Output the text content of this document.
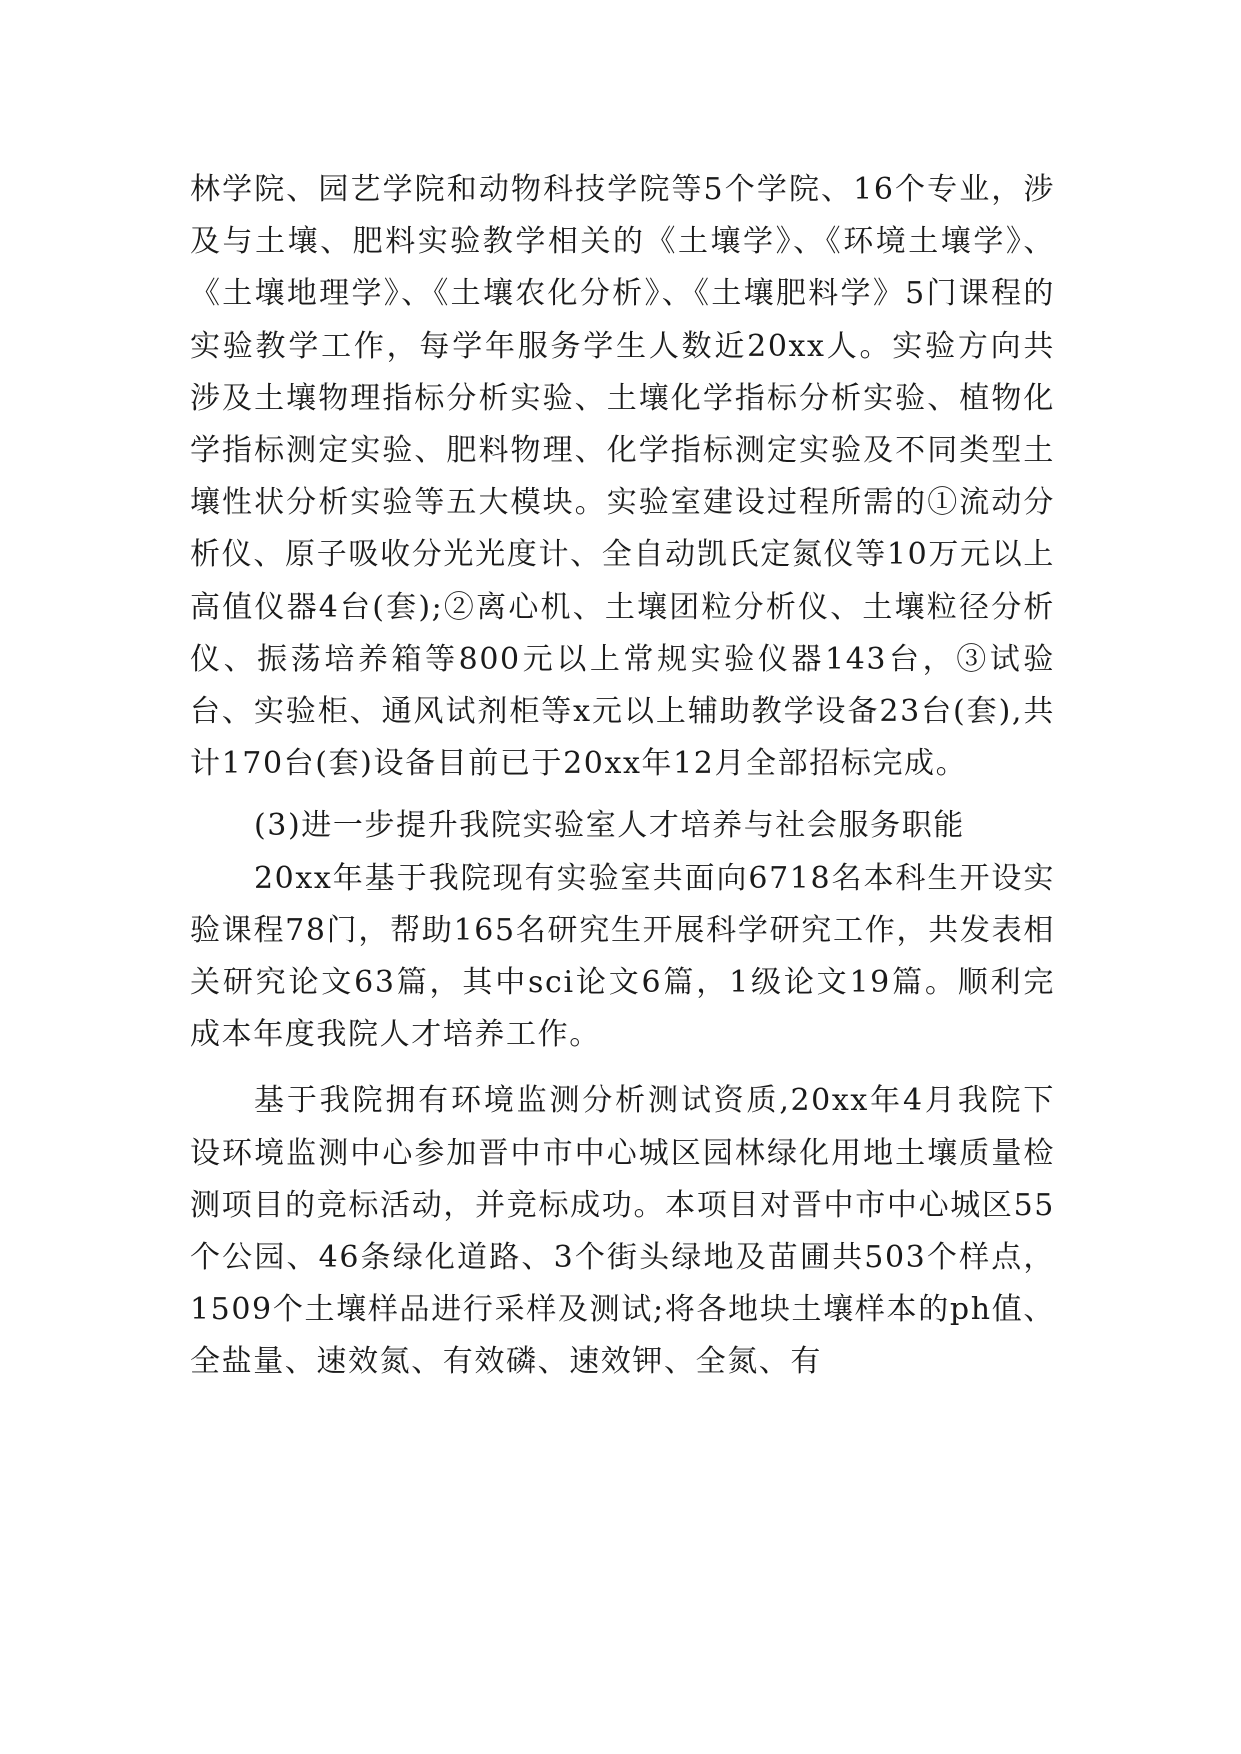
林学院、园艺学院和动物科技学院等5个学院、16个专业，涉及与土壤、肥料实验教学相关的《土壤学》、《环境土壤学》、《土壤地理学》、《土壤农化分析》、《土壤肥料学》5门课程的实验教学工作，每学年服务学生人数近20xx人。实验方向共涉及土壤物理指标分析实验、土壤化学指标分析实验、植物化学指标测定实验、肥料物理、化学指标测定实验及不同类型土壤性状分析实验等五大模块。实验室建设过程所需的①流动分析仪、原子吸收分光光度计、全自动凯氏定氮仪等10万元以上高值仪器4台(套);②离心机、土壤团粒分析仪、土壤粒径分析仪、振荡培养箱等800元以上常规实验仪器143台，③试验台、实验柜、通风试剂柜等x元以上辅助教学设备23台(套),共计170台(套)设备目前已于20xx年12月全部招标完成。

(3)进一步提升我院实验室人才培养与社会服务职能

20xx年基于我院现有实验室共面向6718名本科生开设实验课程78门，帮助165名研究生开展科学研究工作，共发表相关研究论文63篇，其中sci论文6篇，1级论文19篇。顺利完成本年度我院人才培养工作。

基于我院拥有环境监测分析测试资质,20xx年4月我院下设环境监测中心参加晋中市中心城区园林绿化用地土壤质量检测项目的竞标活动，并竞标成功。本项目对晋中市中心城区55个公园、46条绿化道路、3个街头绿地及苗圃共503个样点，1509个土壤样品进行采样及测试;将各地块土壤样本的ph值、全盐量、速效氮、有效磷、速效钾、全氮、有
